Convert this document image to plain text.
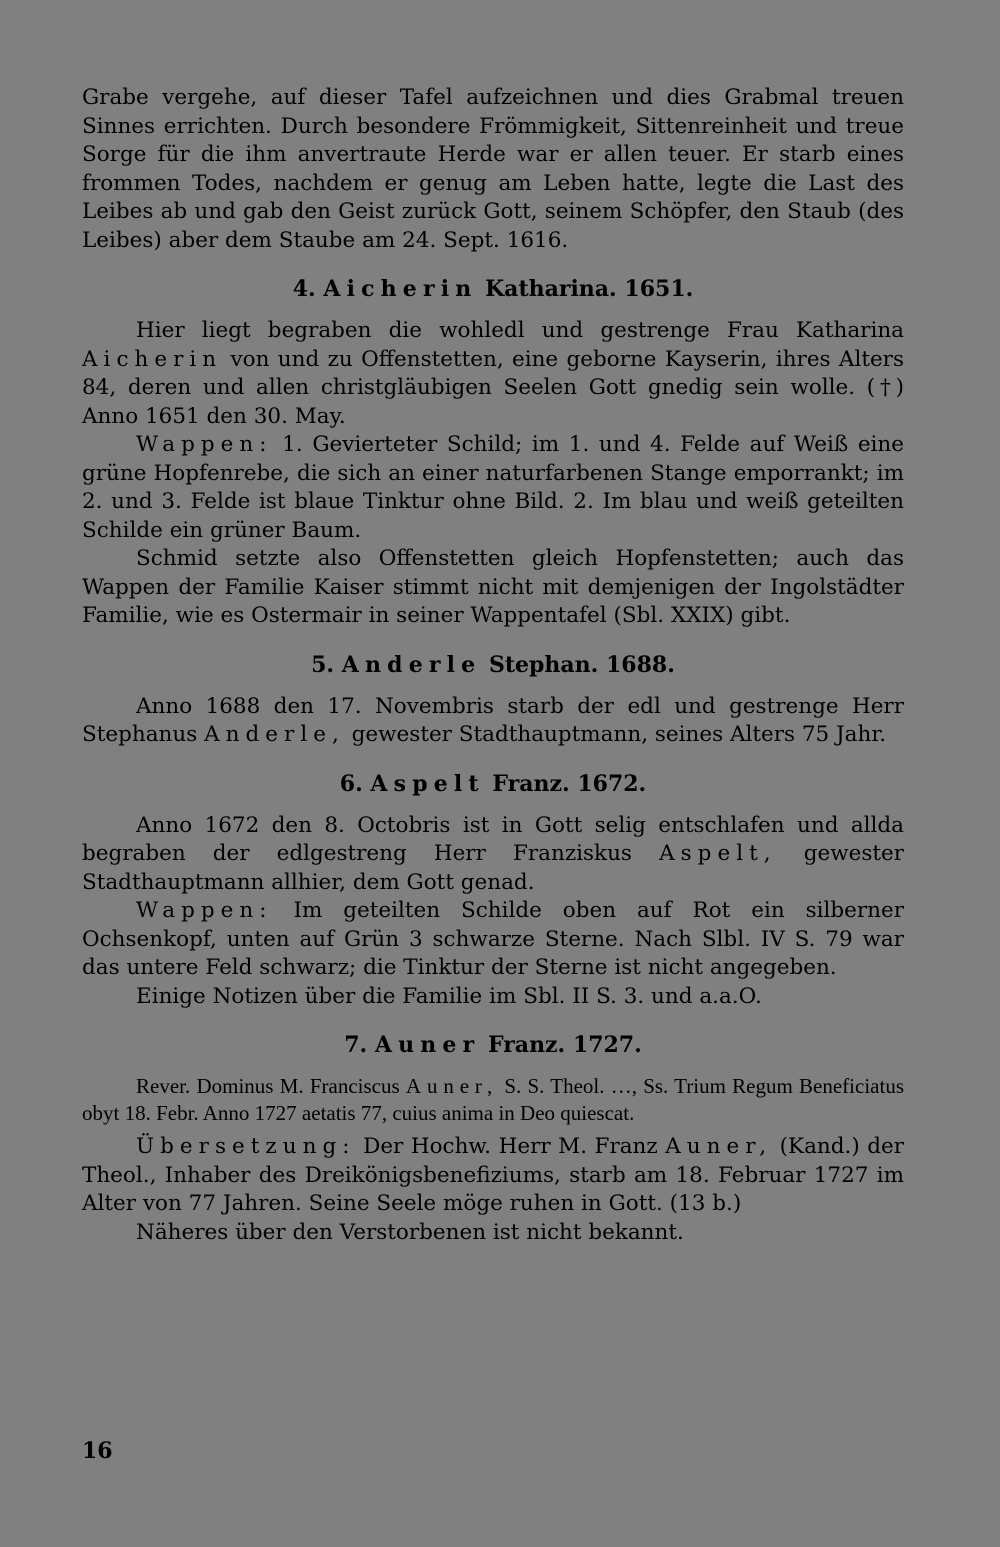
Grabe vergehe, auf dieser Tafel aufzeichnen und dies Grabmal treuen Sinnes errichten. Durch besondere Frömmigkeit, Sittenreinheit und treue Sorge für die ihm anvertraute Herde war er allen teuer. Er starb eines frommen Todes, nachdem er genug am Leben hatte, legte die Last des Leibes ab und gab den Geist zurück Gott, seinem Schöpfer, den Staub (des Leibes) aber dem Staube am 24. Sept. 1616.

4. Aicherin Katharina. 1651.

Hier liegt begraben die wohledl und gestrenge Frau Katharina Aicherin von und zu Offenstetten, eine geborne Kayserin, ihres Alters 84, deren und allen christgläubigen Seelen Gott gnedig sein wolle. (†) Anno 1651 den 30. May.

Wappen: 1. Gevierteter Schild; im 1. und 4. Felde auf Weiß eine grüne Hopfenrebe, die sich an einer naturfarbenen Stange emporrankt; im 2. und 3. Felde ist blaue Tinktur ohne Bild. 2. Im blau und weiß geteilten Schilde ein grüner Baum.

Schmid setzte also Offenstetten gleich Hopfenstetten; auch das Wappen der Familie Kaiser stimmt nicht mit demjenigen der Ingolstädter Familie, wie es Ostermair in seiner Wappentafel (Sbl. XXIX) gibt.

5. Anderle Stephan. 1688.

Anno 1688 den 17. Novembris starb der edl und gestrenge Herr Stephanus Anderle, gewester Stadthauptmann, seines Alters 75 Jahr.

6. Aspelt Franz. 1672.

Anno 1672 den 8. Octobris ist in Gott selig entschlafen und allda begraben der edlgestreng Herr Franziskus Aspelt, gewester Stadthauptmann allhier, dem Gott genad.

Wappen: Im geteilten Schilde oben auf Rot ein silberner Ochsenkopf, unten auf Grün 3 schwarze Sterne. Nach Slbl. IV S. 79 war das untere Feld schwarz; die Tinktur der Sterne ist nicht angegeben.

Einige Notizen über die Familie im Sbl. II S. 3. und a.a.O.

7. Auner Franz. 1727.

Rever. Dominus M. Franciscus Auner, S. S. Theol. …, Ss. Trium Regum Beneficiatus obyt 18. Febr. Anno 1727 aetatis 77, cuius anima in Deo quiescat.

Übersetzung: Der Hochw. Herr M. Franz Auner, (Kand.) der Theol., Inhaber des Dreikönigsbenefiziums, starb am 18. Februar 1727 im Alter von 77 Jahren. Seine Seele möge ruhen in Gott. (13 b.)

Näheres über den Verstorbenen ist nicht bekannt.

16
